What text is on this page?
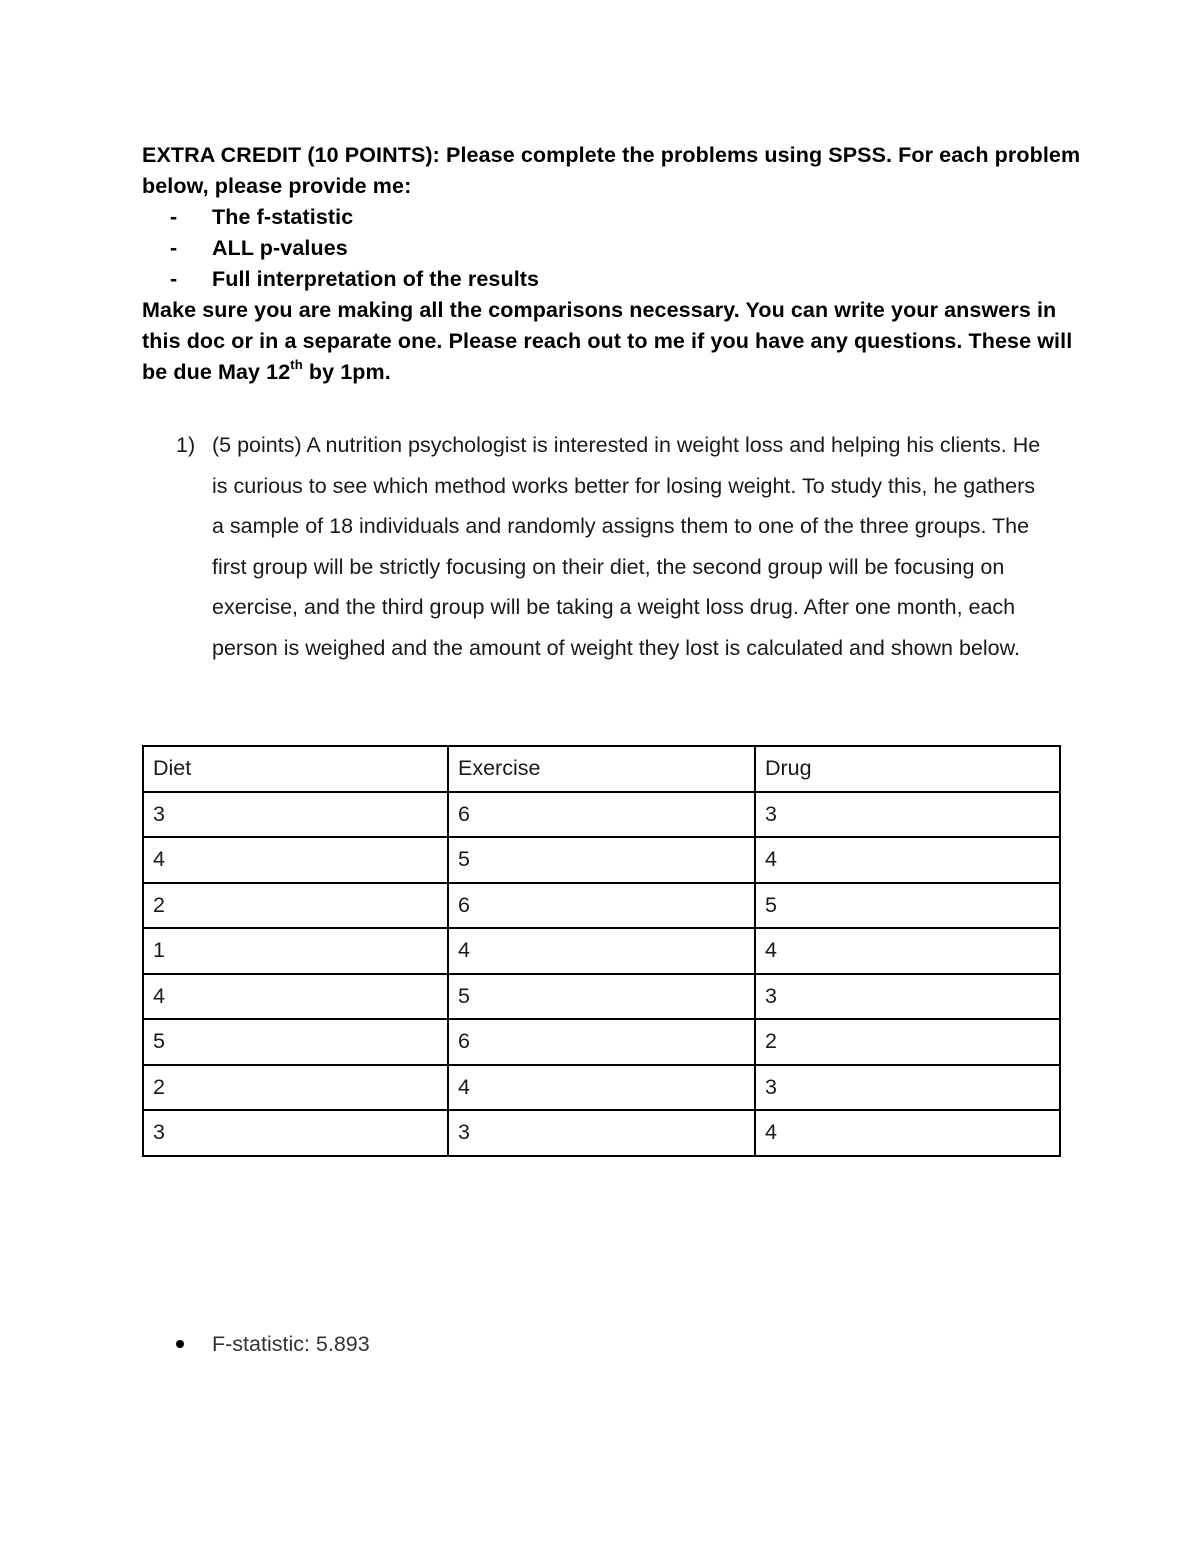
EXTRA CREDIT (10 POINTS): Please complete the problems using SPSS. For each problem below, please provide me:

- The f-statistic
- ALL p-values
- Full interpretation of the results

Make sure you are making all the comparisons necessary. You can write your answers in this doc or in a separate one. Please reach out to me if you have any questions. These will be due May 12th by 1pm.

1) (5 points) A nutrition psychologist is interested in weight loss and helping his clients. He is curious to see which method works better for losing weight. To study this, he gathers a sample of 18 individuals and randomly assigns them to one of the three groups. The first group will be strictly focusing on their diet, the second group will be focusing on exercise, and the third group will be taking a weight loss drug. After one month, each person is weighed and the amount of weight they lost is calculated and shown below.

Diet	Exercise	Drug
3	6	3
4	5	4
2	6	5
1	4	4
4	5	3
5	6	2
2	4	3
3	3	4
F-statistic: 5.893
